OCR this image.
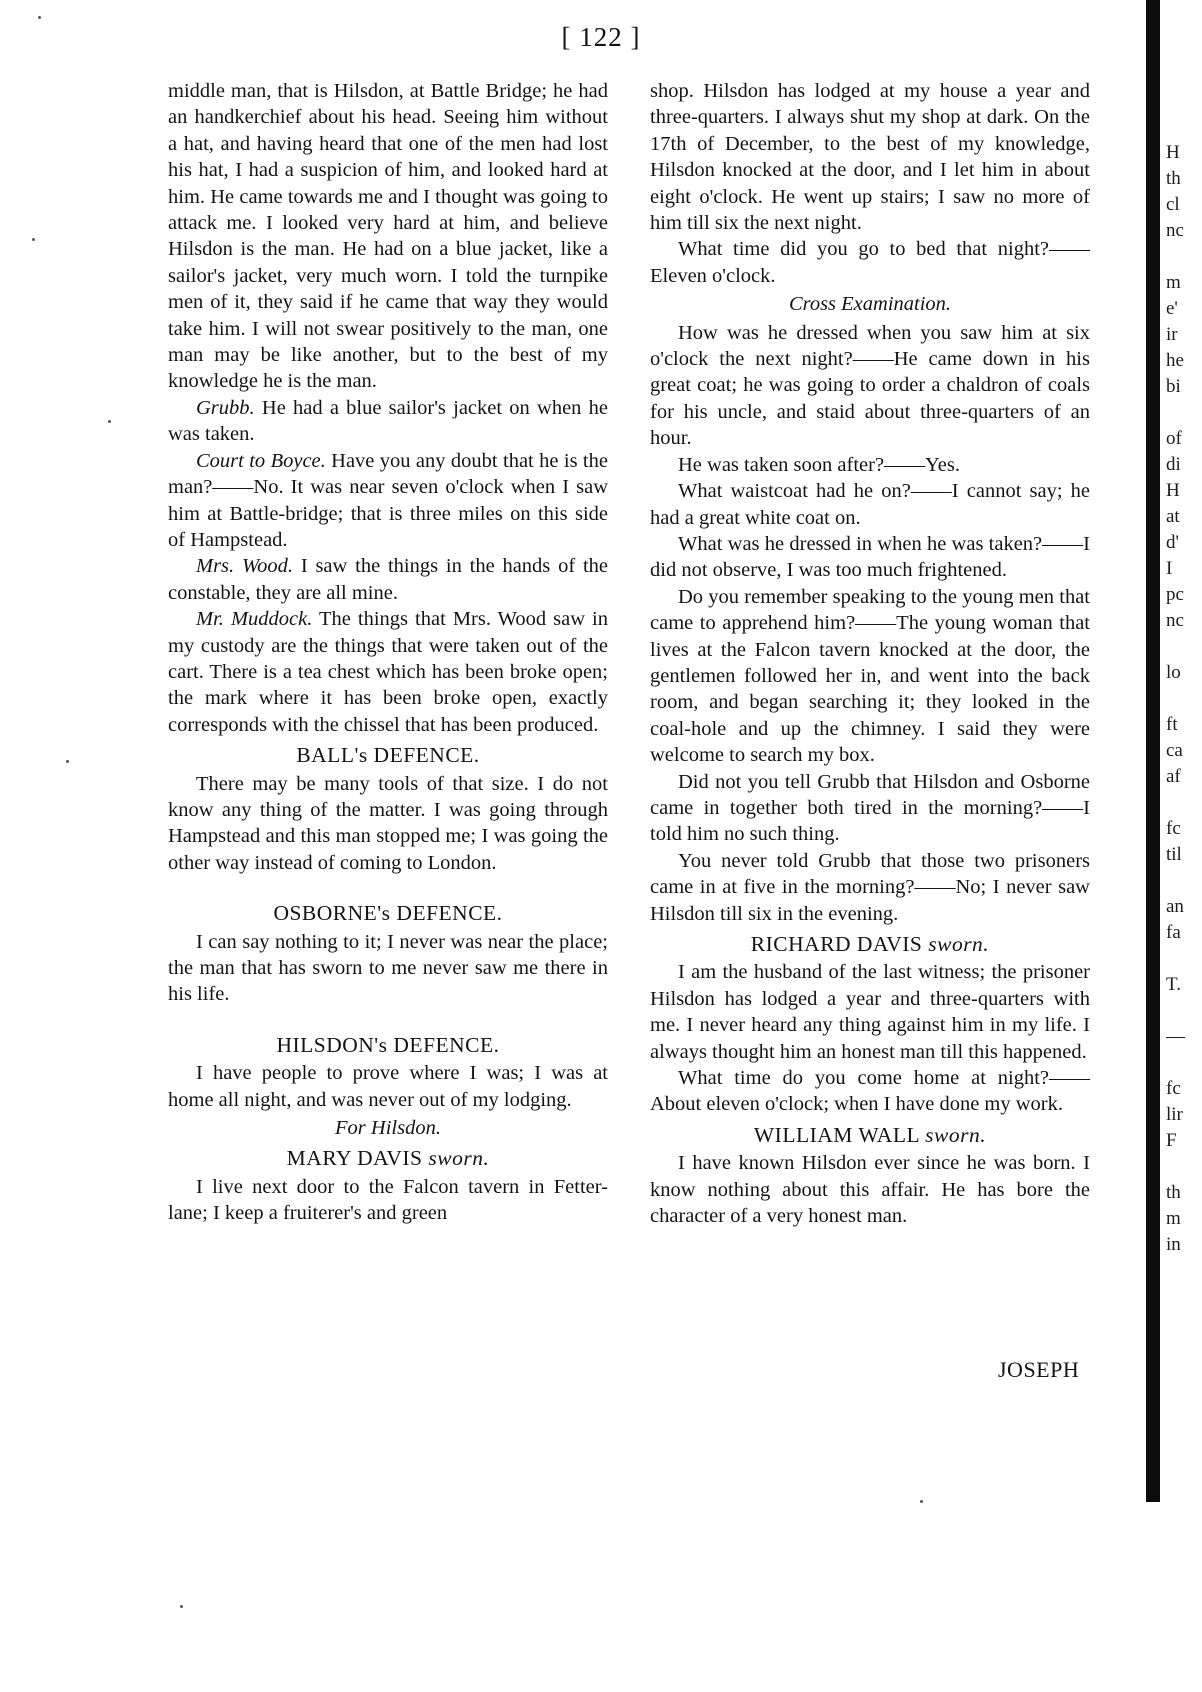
[ 122 ]

middle man, that is Hilsdon, at Battle Bridge; he had an handkerchief about his head. Seeing him without a hat, and having heard that one of the men had lost his hat, I had a suspicion of him, and looked hard at him. He came towards me and I thought was going to attack me. I looked very hard at him, and believe Hilsdon is the man. He had on a blue jacket, like a sailor's jacket, very much worn. I told the turnpike men of it, they said if he came that way they would take him. I will not swear positively to the man, one man may be like another, but to the best of my knowledge he is the man.

Grubb. He had a blue sailor's jacket on when he was taken.

Court to Boyce. Have you any doubt that he is the man?——No. It was near seven o'clock when I saw him at Battle-bridge; that is three miles on this side of Hampstead.

Mrs. Wood. I saw the things in the hands of the constable, they are all mine.

Mr. Muddock. The things that Mrs. Wood saw in my custody are the things that were taken out of the cart. There is a tea chest which has been broke open; the mark where it has been broke open, exactly corresponds with the chissel that has been produced.

BALL's DEFENCE.

There may be many tools of that size. I do not know any thing of the matter. I was going through Hampstead and this man stopped me; I was going the other way instead of coming to London.

OSBORNE's DEFENCE.

I can say nothing to it; I never was near the place; the man that has sworn to me never saw me there in his life.

HILSDON's DEFENCE.

I have people to prove where I was; I was at home all night, and was never out of my lodging.

For Hilsdon.
MARY DAVIS sworn.

I live next door to the Falcon tavern in Fetter-lane; I keep a fruiterer's and green

shop. Hilsdon has lodged at my house a year and three-quarters. I always shut my shop at dark. On the 17th of December, to the best of my knowledge, Hilsdon knocked at the door, and I let him in about eight o'clock. He went up stairs; I saw no more of him till six the next night.

What time did you go to bed that night?——Eleven o'clock.

Cross Examination.

How was he dressed when you saw him at six o'clock the next night?——He came down in his great coat; he was going to order a chaldron of coals for his uncle, and staid about three-quarters of an hour.

He was taken soon after?——Yes.

What waistcoat had he on?——I cannot say; he had a great white coat on.

What was he dressed in when he was taken?——I did not observe, I was too much frightened.

Do you remember speaking to the young men that came to apprehend him?——The young woman that lives at the Falcon tavern knocked at the door, the gentlemen followed her in, and went into the back room, and began searching it; they looked in the coal-hole and up the chimney. I said they were welcome to search my box.

Did not you tell Grubb that Hilsdon and Osborne came in together both tired in the morning?——I told him no such thing.

You never told Grubb that those two prisoners came in at five in the morning?——No; I never saw Hilsdon till six in the evening.

RICHARD DAVIS sworn.

I am the husband of the last witness; the prisoner Hilsdon has lodged a year and three-quarters with me. I never heard any thing against him in my life. I always thought him an honest man till this happened.

What time do you come home at night?——About eleven o'clock; when I have done my work.

WILLIAM WALL sworn.

I have known Hilsdon ever since he was born. I know nothing about this affair. He has bore the character of a very honest man.

JOSEPH
H
th
cl
nc
m
e'
ir
he
bi
of
di
H
at
d'
I
pc
nc
lo
ft
ca
af
fc
til
an
fa
T.
—
fc
lir
F
th
m
in
